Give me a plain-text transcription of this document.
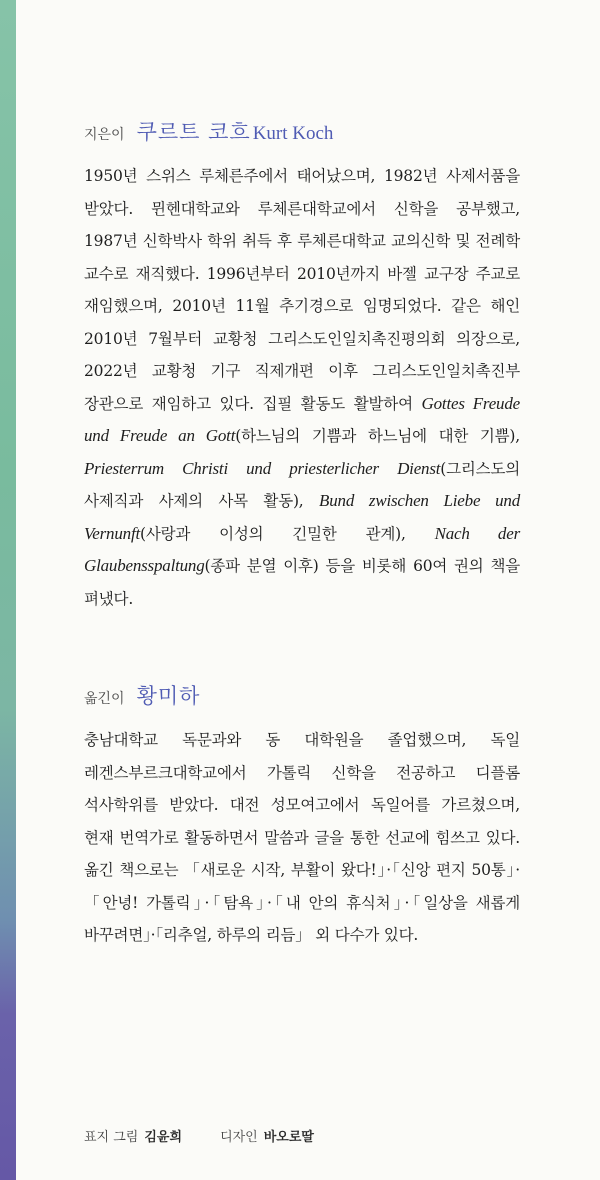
지은이 쿠르트 코흐 Kurt Koch

1950년 스위스 루체른주에서 태어났으며, 1982년 사제서품을 받았다. 뮌헨대학교와 루체른대학교에서 신학을 공부했고, 1987년 신학박사 학위 취득 후 루체른대학교 교의신학 및 전례학 교수로 재직했다. 1996년부터 2010년까지 바젤 교구장 주교로 재임했으며, 2010년 11월 추기경으로 임명되었다. 같은 해인 2010년 7월부터 교황청 그리스도인일치촉진평의회 의장으로, 2022년 교황청 기구 직제개편 이후 그리스도인일치촉진부 장관으로 재임하고 있다. 집필 활동도 활발하여 Gottes Freude und Freude an Gott(하느님의 기쁨과 하느님에 대한 기쁨), Priesterrum Christi und priesterlicher Dienst(그리스도의 사제직과 사제의 사목 활동), Bund zwischen Liebe und Vernunft(사랑과 이성의 긴밀한 관계), Nach der Glaubensspaltung(종파 분열 이후) 등을 비롯해 60여 권의 책을 펴냈다.

옮긴이 황미하

충남대학교 독문과와 동 대학원을 졸업했으며, 독일 레겐스부르크대학교에서 가톨릭 신학을 전공하고 디플롬 석사학위를 받았다. 대전 성모여고에서 독일어를 가르쳤으며, 현재 번역가로 활동하면서 말씀과 글을 통한 선교에 힘쓰고 있다. 옮긴 책으로는 「새로운 시작, 부활이 왔다!」·「신앙 편지 50통」·「안녕! 가톨릭」·「탐욕」·「내 안의 휴식처」·「일상을 새롭게 바꾸려면」·「리추얼, 하루의 리듬」 외 다수가 있다.

표지 그림 김윤희	디자인 바오로딸
